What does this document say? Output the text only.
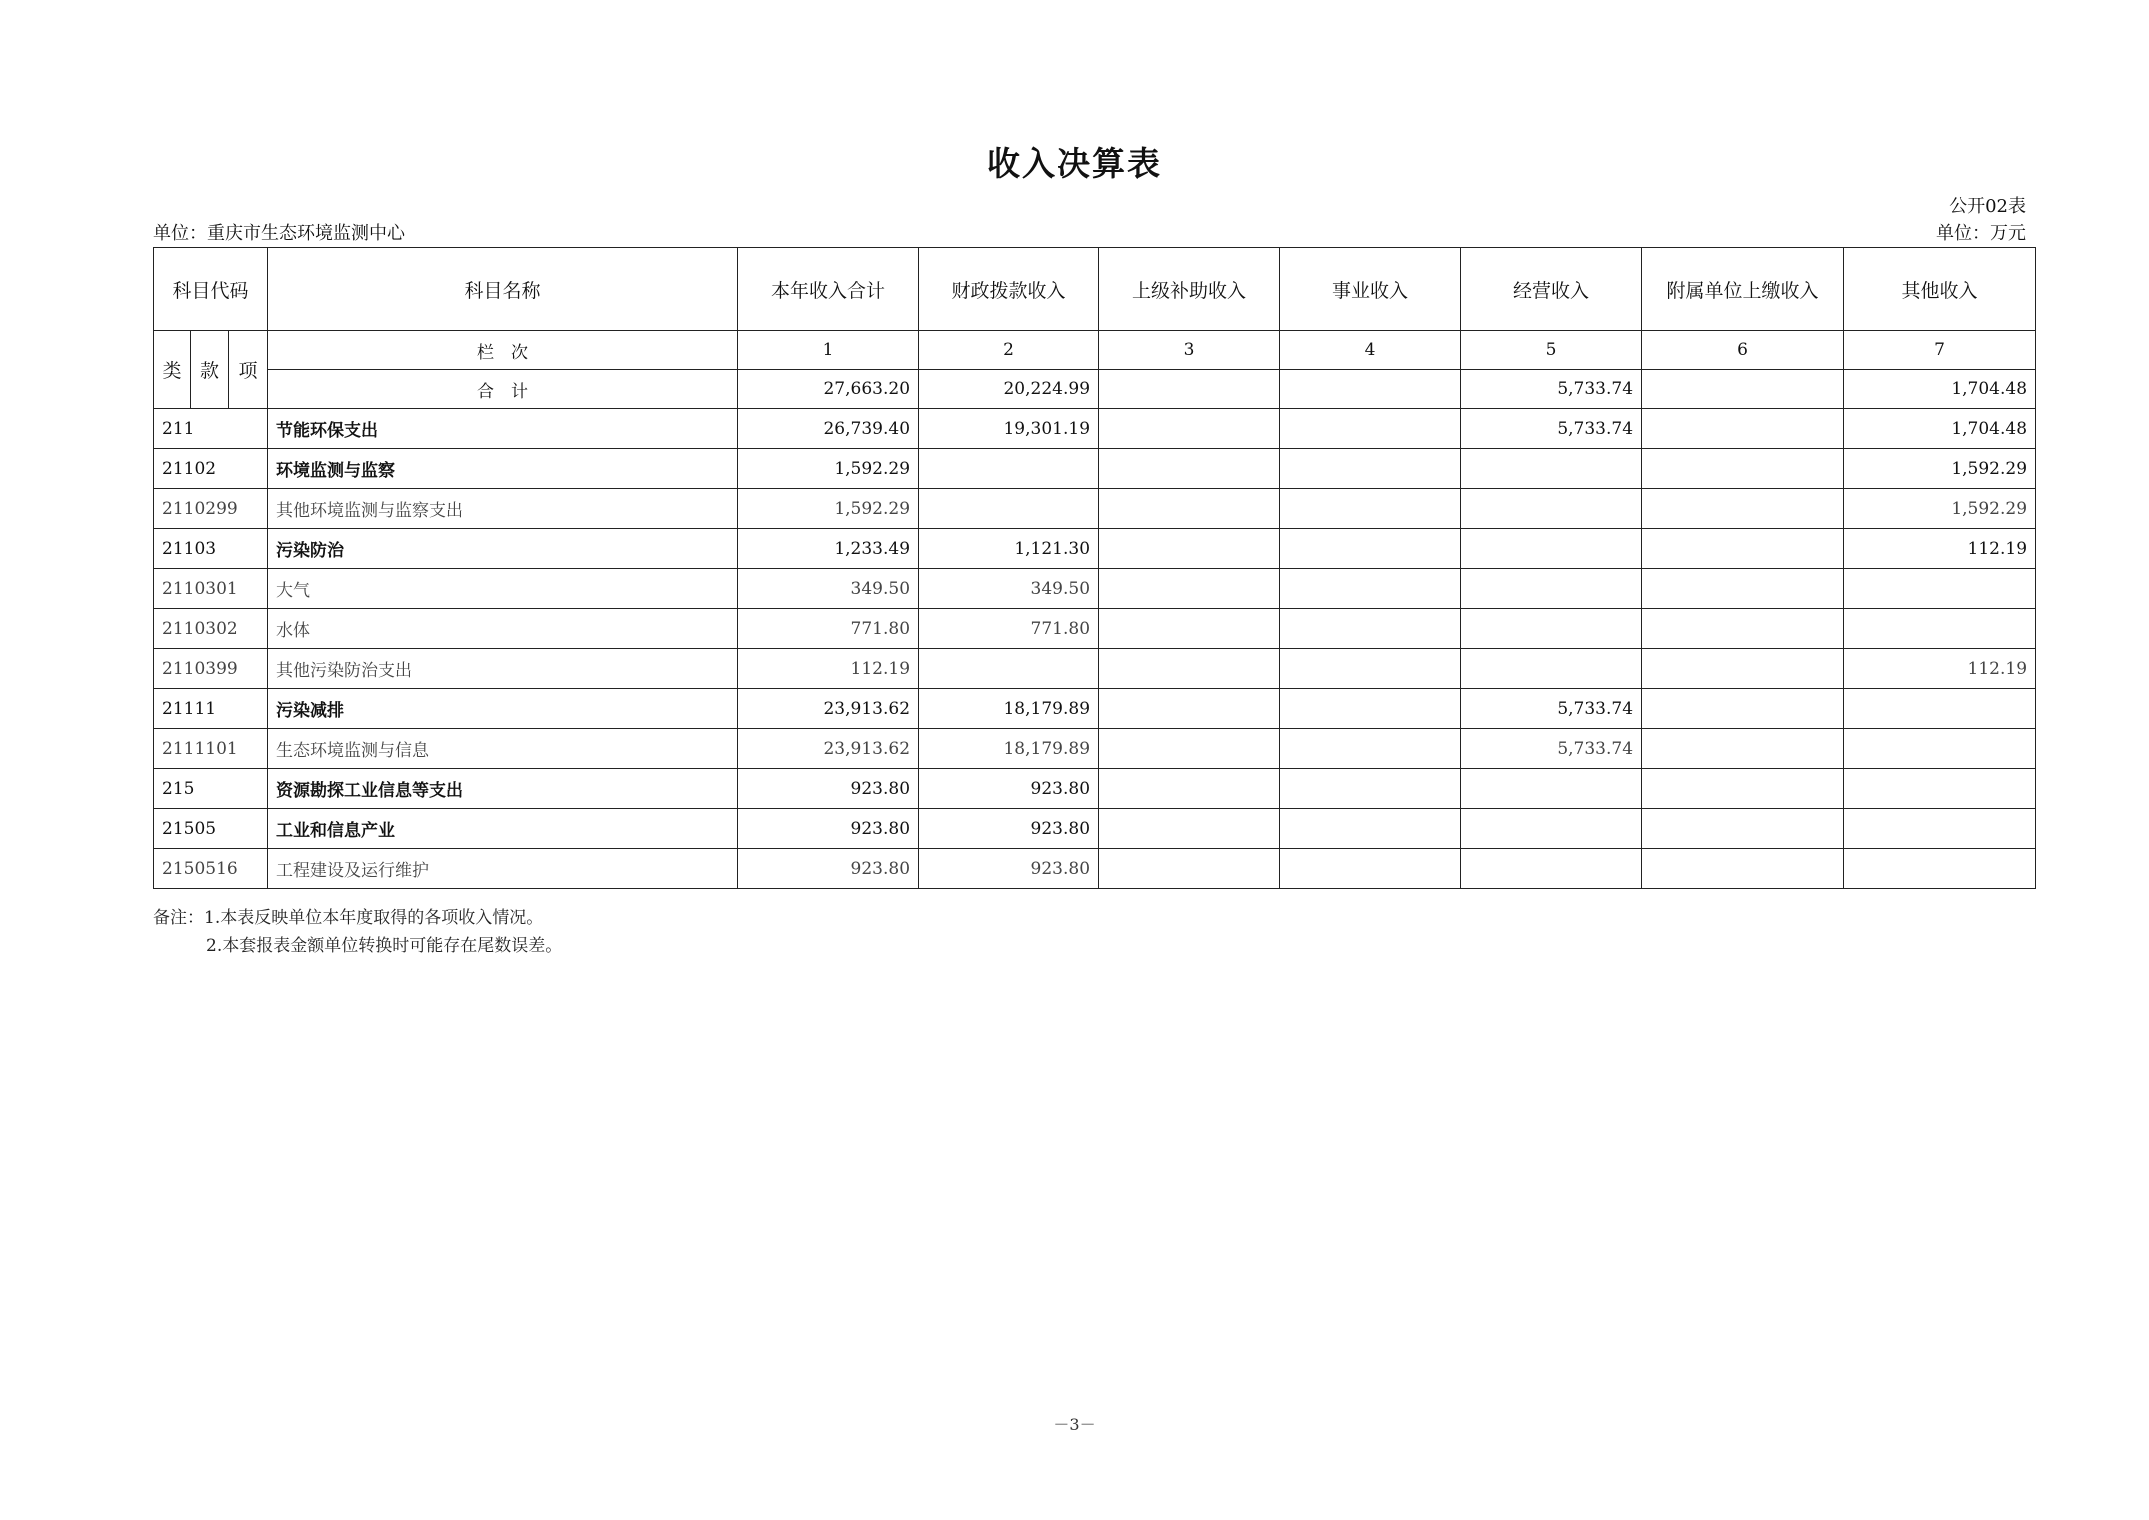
收入决算表
公开02表
单位：重庆市生态环境监测中心	单位：万元
科目代码			科目名称	本年收入合计	财政拨款收入	上级补助收入	事业收入	经营收入	附属单位上缴收入	其他收入
类	款	项	栏　次	1	2	3	4	5	6	7
			合　计	27,663.20	20,224.99			5,733.74		1,704.48
211			节能环保支出	26,739.40	19,301.19			5,733.74		1,704.48
21102			环境监测与监察	1,592.29						1,592.29
2110299			其他环境监测与监察支出	1,592.29						1,592.29
21103			污染防治	1,233.49	1,121.30					112.19
2110301			大气	349.50	349.50					
2110302			水体	771.80	771.80					
2110399			其他污染防治支出	112.19						112.19
21111			污染减排	23,913.62	18,179.89			5,733.74		
2111101			生态环境监测与信息	23,913.62	18,179.89			5,733.74		
215			资源勘探工业信息等支出	923.80	923.80					
21505			工业和信息产业	923.80	923.80					
2150516			工程建设及运行维护	923.80	923.80					
备注：1.本表反映单位本年度取得的各项收入情况。
2.本套报表金额单位转换时可能存在尾数误差。
－3－
